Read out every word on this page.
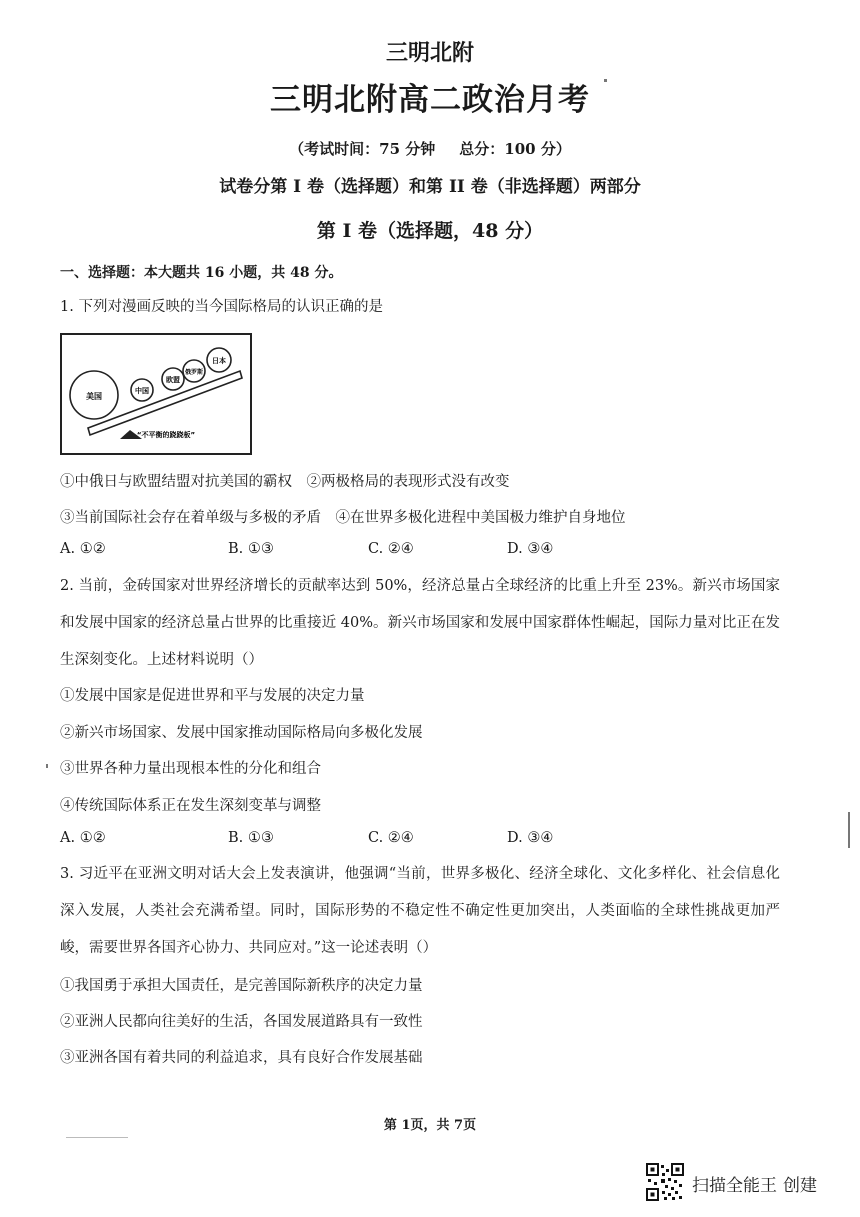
三明北附
三明北附高二政治月考
（考试时间：75 分钟 总分：100 分）
试卷分第 I 卷（选择题）和第 II 卷（非选择题）两部分
第 I 卷（选择题，48 分）
一、选择题：本大题共 16 小题，共 48 分。
1. 下列对漫画反映的当今国际格局的认识正确的是
美国
中国
欧盟
俄罗斯
日本
“不平衡的跷跷板”
①中俄日与欧盟结盟对抗美国的霸权　②两极格局的表现形式没有改变
③当前国际社会存在着单级与多极的矛盾　④在世界多极化进程中美国极力维护自身地位
A. ①②	B. ①③	C. ②④	D. ③④
2. 当前，金砖国家对世界经济增长的贡献率达到 50%，经济总量占全球经济的比重上升至 23%。新兴市场国家和发展中国家的经济总量占世界的比重接近 40%。新兴市场国家和发展中国家群体性崛起，国际力量对比正在发生深刻变化。上述材料说明（）
①发展中国家是促进世界和平与发展的决定力量
②新兴市场国家、发展中国家推动国际格局向多极化发展
③世界各种力量出现根本性的分化和组合
④传统国际体系正在发生深刻变革与调整
A. ①②	B. ①③	C. ②④	D. ③④
3. 习近平在亚洲文明对话大会上发表演讲，他强调“当前，世界多极化、经济全球化、文化多样化、社会信息化深入发展，人类社会充满希望。同时，国际形势的不稳定性不确定性更加突出，人类面临的全球性挑战更加严峻，需要世界各国齐心协力、共同应对。”这一论述表明（）
①我国勇于承担大国责任，是完善国际新秩序的决定力量
②亚洲人民都向往美好的生活，各国发展道路具有一致性
③亚洲各国有着共同的利益追求，具有良好合作发展基础
第 1页，共 7页
扫描全能王 创建
